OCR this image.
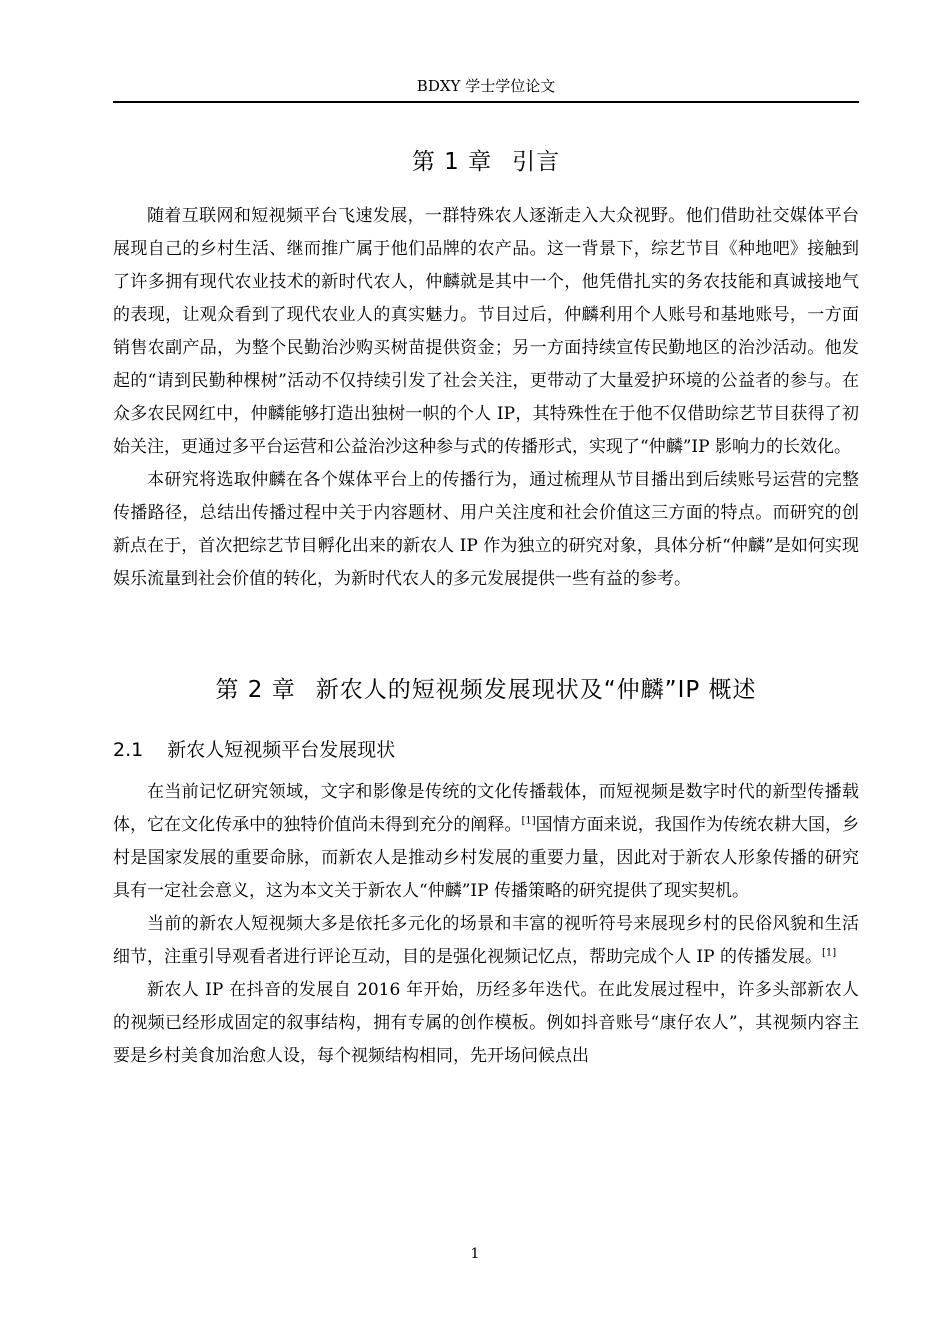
BDXY 学士学位论文
第 1 章 引言

随着互联网和短视频平台飞速发展，一群特殊农人逐渐走入大众视野。他们借助社交媒体平台展现自己的乡村生活、继而推广属于他们品牌的农产品。这一背景下，综艺节目《种地吧》接触到了许多拥有现代农业技术的新时代农人，仲麟就是其中一个，他凭借扎实的务农技能和真诚接地气的表现，让观众看到了现代农业人的真实魅力。节目过后，仲麟利用个人账号和基地账号，一方面销售农副产品，为整个民勤治沙购买树苗提供资金；另一方面持续宣传民勤地区的治沙活动。他发起的“请到民勤种棵树”活动不仅持续引发了社会关注，更带动了大量爱护环境的公益者的参与。在众多农民网红中，仲麟能够打造出独树一帜的个人 IP，其特殊性在于他不仅借助综艺节目获得了初始关注，更通过多平台运营和公益治沙这种参与式的传播形式，实现了“仲麟”IP 影响力的长效化。

本研究将选取仲麟在各个媒体平台上的传播行为，通过梳理从节目播出到后续账号运营的完整传播路径，总结出传播过程中关于内容题材、用户关注度和社会价值这三方面的特点。而研究的创新点在于，首次把综艺节目孵化出来的新农人 IP 作为独立的研究对象，具体分析“仲麟”是如何实现娱乐流量到社会价值的转化，为新时代农人的多元发展提供一些有益的参考。

第 2 章 新农人的短视频发展现状及“仲麟”IP 概述
2.1 新农人短视频平台发展现状

在当前记忆研究领域，文字和影像是传统的文化传播载体，而短视频是数字时代的新型传播载体，它在文化传承中的独特价值尚未得到充分的阐释。[1]国情方面来说，我国作为传统农耕大国，乡村是国家发展的重要命脉，而新农人是推动乡村发展的重要力量，因此对于新农人形象传播的研究具有一定社会意义，这为本文关于新农人“仲麟”IP 传播策略的研究提供了现实契机。

当前的新农人短视频大多是依托多元化的场景和丰富的视听符号来展现乡村的民俗风貌和生活细节，注重引导观看者进行评论互动，目的是强化视频记忆点，帮助完成个人 IP 的传播发展。[1]

新农人 IP 在抖音的发展自 2016 年开始，历经多年迭代。在此发展过程中，许多头部新农人的视频已经形成固定的叙事结构，拥有专属的创作模板。例如抖音账号“康仔农人”，其视频内容主要是乡村美食加治愈人设，每个视频结构相同，先开场问候点出

1
